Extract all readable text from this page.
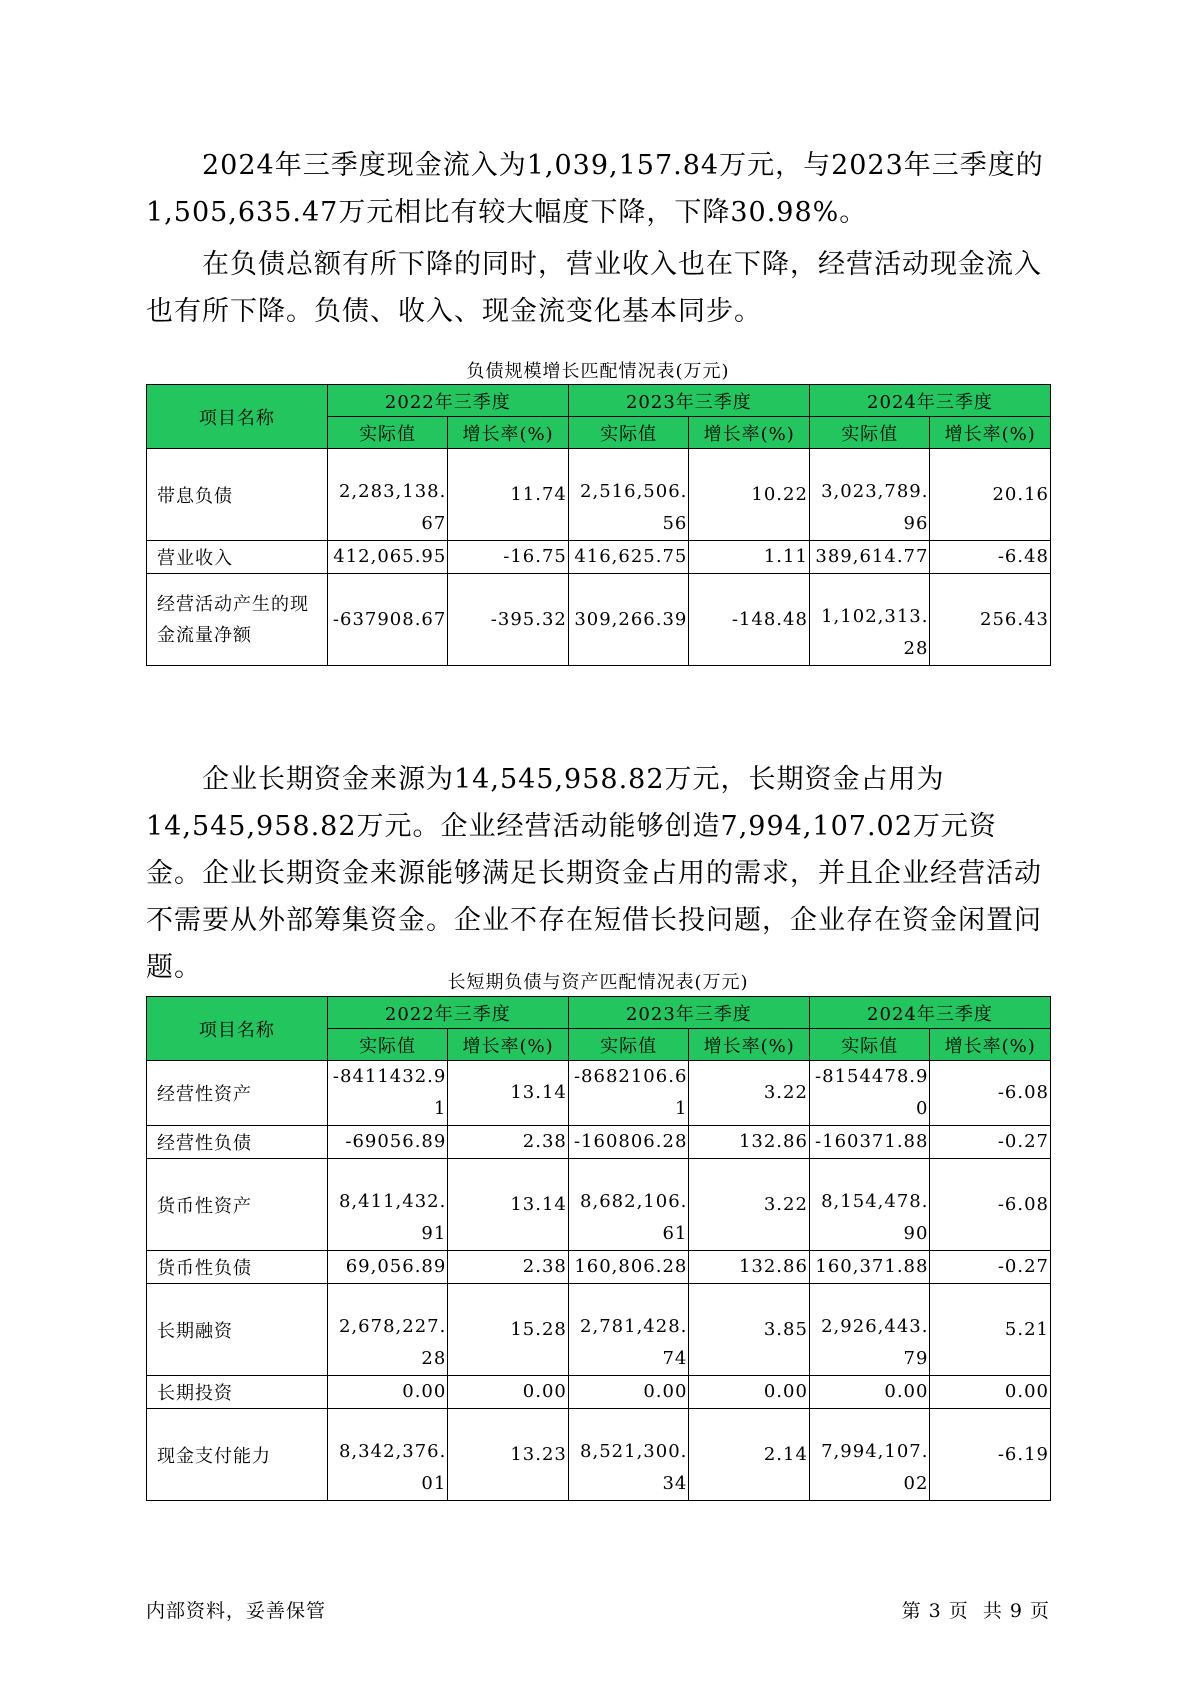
2024年三季度现金流入为1,039,157.84万元，与2023年三季度的1,505,635.47万元相比有较大幅度下降，下降30.98%。

在负债总额有所下降的同时，营业收入也在下降，经营活动现金流入也有所下降。负债、收入、现金流变化基本同步。

负债规模增长匹配情况表(万元)
项目名称	2022年三季度		2023年三季度		2024年三季度	
	实际值	增长率(%)	实际值	增长率(%)	实际值	增长率(%)
带息负债	2,283,138.67	11.74	2,516,506.56	10.22	3,023,789.96	20.16
营业收入	412,065.95	-16.75	416,625.75	1.11	389,614.77	-6.48
经营活动产生的现金流量净额	-637908.67	-395.32	309,266.39	-148.48	1,102,313.28	256.43

企业长期资金来源为14,545,958.82万元，长期资金占用为14,545,958.82万元。企业经营活动能够创造7,994,107.02万元资金。企业长期资金来源能够满足长期资金占用的需求，并且企业经营活动不需要从外部筹集资金。企业不存在短借长投问题，企业存在资金闲置问题。	长短期负债与资产匹配情况表(万元)
项目名称	2022年三季度		2023年三季度		2024年三季度	
	实际值	增长率(%)	实际值	增长率(%)	实际值	增长率(%)
经营性资产	-8411432.91	13.14	-8682106.61	3.22	-8154478.90	-6.08
经营性负债	-69056.89	2.38	-160806.28	132.86	-160371.88	-0.27
货币性资产	8,411,432.91	13.14	8,682,106.61	3.22	8,154,478.90	-6.08
货币性负债	69,056.89	2.38	160,806.28	132.86	160,371.88	-0.27
长期融资	2,678,227.28	15.28	2,781,428.74	3.85	2,926,443.79	5.21
长期投资	0.00	0.00	0.00	0.00	0.00	0.00
现金支付能力	8,342,376.01	13.23	8,521,300.34	2.14	7,994,107.02	-6.19
内部资料，妥善保管	第 3 页  共 9 页
